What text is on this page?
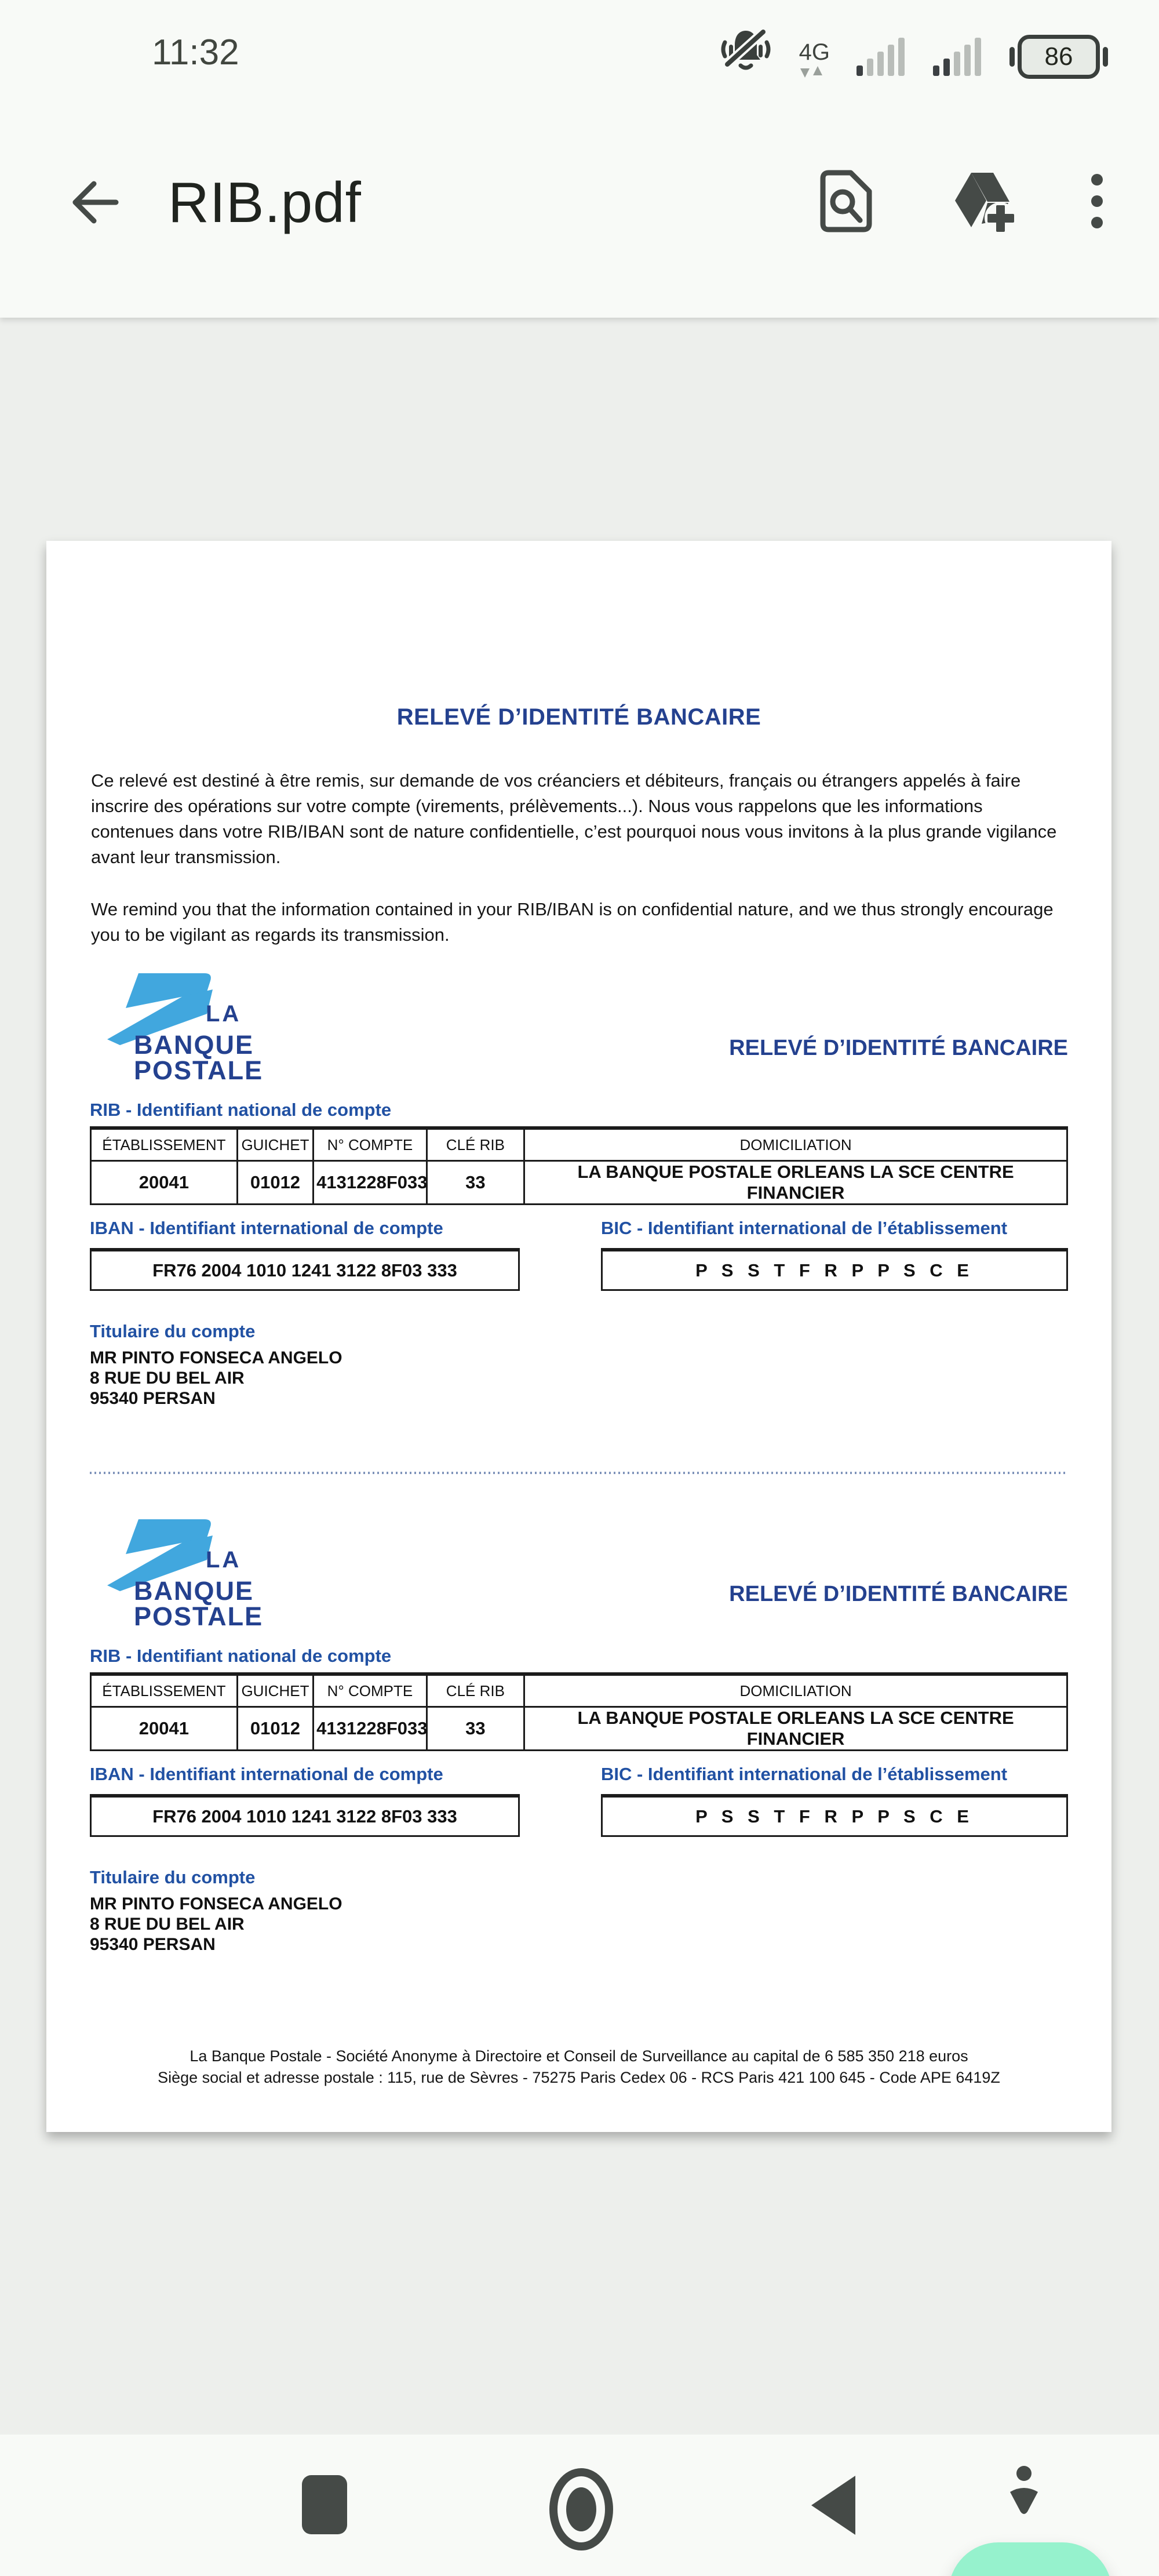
11:32	4G	86
RIB.pdf
RELEVÉ D’IDENTITÉ BANCAIRE

Ce relevé est destiné à être remis, sur demande de vos créanciers et débiteurs, français ou étrangers appelés à faire inscrire des opérations sur votre compte (virements, prélèvements...). Nous vous rappelons que les informations contenues dans votre RIB/IBAN sont de nature confidentielle, c’est pourquoi nous vous invitons à la plus grande vigilance avant leur transmission.

We remind you that the information contained in your RIB/IBAN is on confidential nature, and we thus strongly encourage you to be vigilant as regards its transmission.

LA
BANQUE
POSTALE
RELEVÉ D’IDENTITÉ BANCAIRE
RIB - Identifiant national de compte
ÉTABLISSEMENT	GUICHET	N° COMPTE	CLÉ RIB	DOMICILIATION
20041	01012	4131228F033	33	LA BANQUE POSTALE ORLEANS LA SCE CENTRE FINANCIER
IBAN - Identifiant international de compte	BIC - Identifiant international de l’établissement
FR76 2004 1010 1241 3122 8F03 333	P S S T F R P P S C E
Titulaire du compte
MR PINTO FONSECA ANGELO
8 RUE DU BEL AIR
95340 PERSAN
LA
BANQUE
POSTALE
RELEVÉ D’IDENTITÉ BANCAIRE
RIB - Identifiant national de compte
ÉTABLISSEMENT	GUICHET	N° COMPTE	CLÉ RIB	DOMICILIATION
20041	01012	4131228F033	33	LA BANQUE POSTALE ORLEANS LA SCE CENTRE FINANCIER
IBAN - Identifiant international de compte	BIC - Identifiant international de l’établissement
FR76 2004 1010 1241 3122 8F03 333	P S S T F R P P S C E
Titulaire du compte
MR PINTO FONSECA ANGELO
8 RUE DU BEL AIR
95340 PERSAN
La Banque Postale - Société Anonyme à Directoire et Conseil de Surveillance au capital de 6 585 350 218 euros
Siège social et adresse postale : 115, rue de Sèvres - 75275 Paris Cedex 06 - RCS Paris 421 100 645 - Code APE 6419Z
